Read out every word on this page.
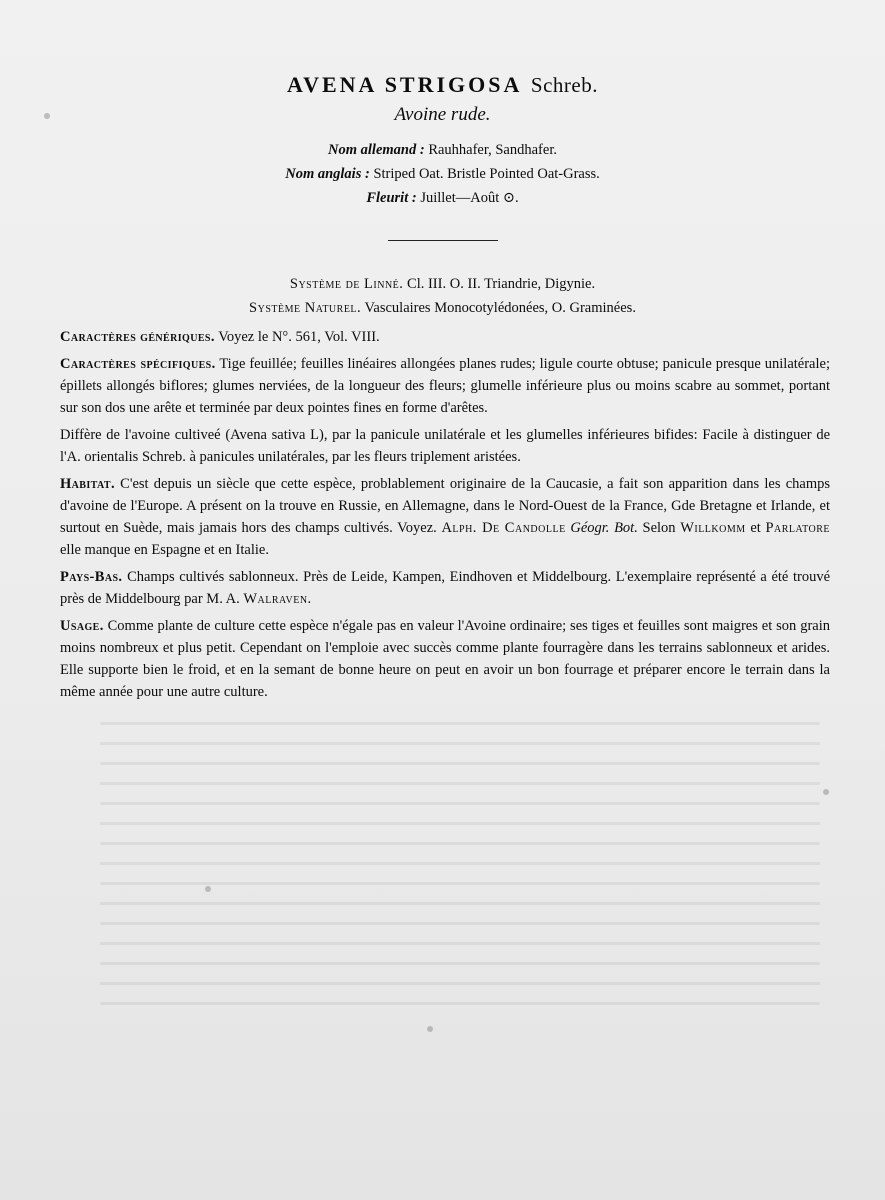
AVENA STRIGOSA Schreb.

Avoine rude.

Nom allemand : Rauhhafer, Sandhafer.

Nom anglais : Striped Oat. Bristle Pointed Oat-Grass.

Fleurit : Juillet—Août ⊙.

Système de Linné. Cl. III. O. II. Triandrie, Digynie.

Système Naturel. Vasculaires Monocotylédonées, O. Graminées.

Caractères génériques. Voyez le N°. 561, Vol. VIII.

Caractères spécifiques. Tige feuillée; feuilles linéaires allongées planes rudes; ligule courte obtuse; panicule presque unilatérale; épillets allongés biflores; glumes nerviées, de la longueur des fleurs; glumelle inférieure plus ou moins scabre au sommet, portant sur son dos une arête et terminée par deux pointes fines en forme d'arêtes.

Diffère de l'avoine cultiveé (Avena sativa L), par la panicule unilatérale et les glumelles inférieures bifides: Facile à distinguer de l'A. orientalis Schreb. à panicules unilatérales, par les fleurs triplement aristées.

Habitat. C'est depuis un siècle que cette espèce, problablement originaire de la Caucasie, a fait son apparition dans les champs d'avoine de l'Europe. A présent on la trouve en Russie, en Allemagne, dans le Nord-Ouest de la France, Gde Bretagne et Irlande, et surtout en Suède, mais jamais hors des champs cultivés. Voyez. Alph. De Candolle Géogr. Bot. Selon Willkomm et Parlatore elle manque en Espagne et en Italie.

Pays-Bas. Champs cultivés sablonneux. Près de Leide, Kampen, Eindhoven et Middelbourg. L'exemplaire représenté a été trouvé près de Middelbourg par M. A. Walraven.

Usage. Comme plante de culture cette espèce n'égale pas en valeur l'Avoine ordinaire; ses tiges et feuilles sont maigres et son grain moins nombreux et plus petit. Cependant on l'emploie avec succès comme plante fourragère dans les terrains sablonneux et arides. Elle supporte bien le froid, et en la semant de bonne heure on peut en avoir un bon fourrage et préparer encore le terrain dans la même année pour une autre culture.
